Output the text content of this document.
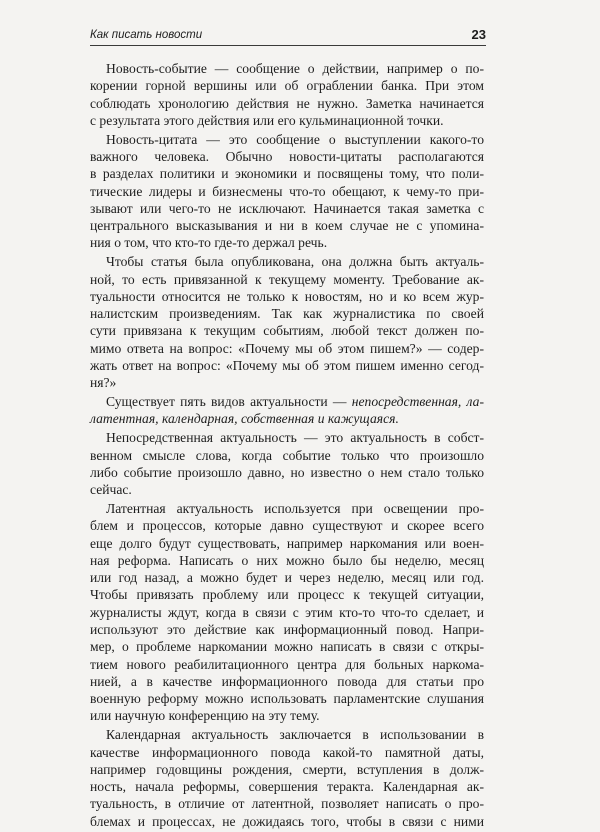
Как писать новости	23

Новость-событие — сообщение о действии, например о по-
корении горной вершины или об ограблении банка. При этом
соблюдать хронологию действия не нужно. Заметка начинается
с результата этого действия или его кульминационной точки.

Новость-цитата — это сообщение о выступлении какого-то
важного человека. Обычно новости-цитаты располагаются
в разделах политики и экономики и посвящены тому, что поли-
тические лидеры и бизнесмены что-то обещают, к чему-то при-
зывают или чего-то не исключают. Начинается такая заметка с
центрального высказывания и ни в коем случае не с упомина-
ния о том, что кто-то где-то держал речь.

Чтобы статья была опубликована, она должна быть актуаль-
ной, то есть привязанной к текущему моменту. Требование ак-
туальности относится не только к новостям, но и ко всем жур-
налистским произведениям. Так как журналистика по своей
сути привязана к текущим событиям, любой текст должен по-
мимо ответа на вопрос: «Почему мы об этом пишем?» — содер-
жать ответ на вопрос: «Почему мы об этом пишем именно сегод-
ня?»

Существует пять видов актуальности — непосредственная, ла-
латентная, календарная, собственная и кажущаяся.

Непосредственная актуальность — это актуальность в собст-
венном смысле слова, когда событие только что произошло
либо событие произошло давно, но известно о нем стало только
сейчас.

Латентная актуальность используется при освещении про-
блем и процессов, которые давно существуют и скорее всего
еще долго будут существовать, например наркомания или воен-
ная реформа. Написать о них можно было бы неделю, месяц
или год назад, а можно будет и через неделю, месяц или год.
Чтобы привязать проблему или процесс к текущей ситуации,
журналисты ждут, когда в связи с этим кто-то что-то сделает, и
используют это действие как информационный повод. Напри-
мер, о проблеме наркомании можно написать в связи с откры-
тием нового реабилитационного центра для больных наркома-
нией, а в качестве информационного повода для статьи про
военную реформу можно использовать парламентские слушания
или научную конференцию на эту тему.

Календарная актуальность заключается в использовании в
качестве информационного повода какой-то памятной даты,
например годовщины рождения, смерти, вступления в долж-
ность, начала реформы, совершения теракта. Календарная ак-
туальность, в отличие от латентной, позволяет написать о про-
блемах и процессах, не дожидаясь того, чтобы в связи с ними
